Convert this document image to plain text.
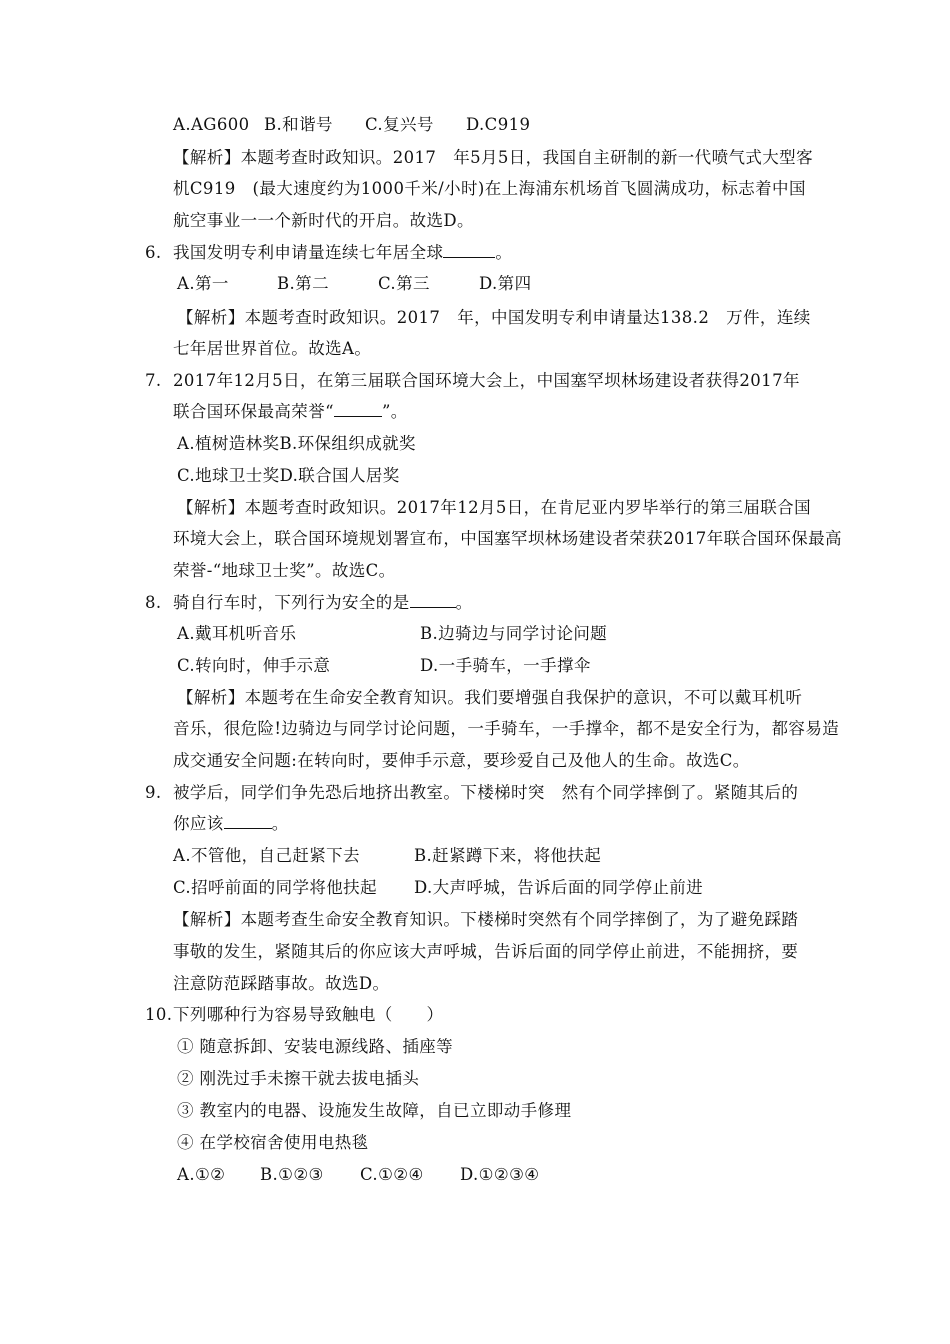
A.AG600 B.和谐号 C.复兴号 D.C919
【解析】本题考查时政知识。2017　年5月5日，我国自主研制的新一代喷气式大型客
机C919　(最大速度约为1000千米/小时)在上海浦东机场首飞圆满成功，标志着中国
航空事业一一个新时代的开启。故选D。
6. 我国发明专利申请量连续七年居全球	。
A.第一	B.第二	C.第三	D.第四
【解析】本题考查时政知识。2017　年，中国发明专利申请量达138.2　万件，连续
七年居世界首位。故选A。
7. 2017年12月5日，在第三届联合国环境大会上，中国塞罕坝林场建设者获得2017年
联合国环保最高荣誉“	”。
A.植树造林奖B.环保组织成就奖
C.地球卫士奖D.联合国人居奖
【解析】本题考查时政知识。2017年12月5日，在肯尼亚内罗毕举行的第三届联合国
环境大会上，联合国环境规划署宣布，中国塞罕坝林场建设者荣获2017年联合国环保最高
荣誉-“地球卫士奖”。故选C。
8. 骑自行车时，下列行为安全的是	。
A.戴耳机听音乐	B.边骑边与同学讨论问题
C.转向时，伸手示意	D.一手骑车，一手撑伞
【解析】本题考在生命安全教育知识。我们要增强自我保护的意识，不可以戴耳机听
音乐，很危险!边骑边与同学讨论问题，一手骑车，一手撑伞，都不是安全行为，都容易造
成交通安全问题:在转向时，要伸手示意，要珍爱自己及他人的生命。故选C。
9. 被学后，同学们争先恐后地挤出教室。下楼梯时突　然有个同学摔倒了。紧随其后的
你应该	。
A.不管他，自己赶紧下去	B.赶紧蹲下来，将他扶起
C.招呼前面的同学将他扶起 D.大声呼城，告诉后面的同学停止前进
【解析】本题考查生命安全教育知识。下楼梯时突然有个同学摔倒了，为了避免踩踏
事敬的发生，紧随其后的你应该大声呼城，告诉后面的同学停止前进，不能拥挤，要
注意防范踩踏事故。故选D。
10. 下列哪种行为容易导致触电（　　）
① 随意拆卸、安装电源线路、插座等
② 刚洗过手未擦干就去拔电插头
③ 教室内的电器、设施发生故障，自已立即动手修理
④ 在学校宿舍使用电热毯
A.①② B.①②③ C.①②④ D.①②③④
